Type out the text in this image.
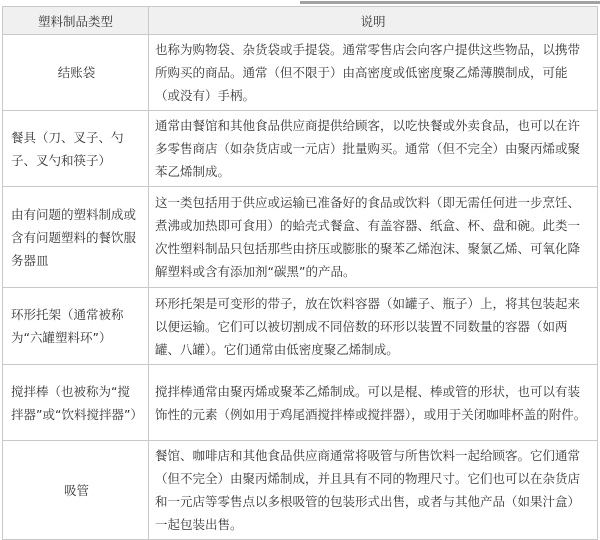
塑料制品类型	说明
结账袋	也称为购物袋、杂货袋或手提袋。通常零售店会向客户提供这些物品，以携带所购买的商品。通常（但不限于）由高密度或低密度聚乙烯薄膜制成，可能（或没有）手柄。
餐具（刀、叉子、勺子、叉勺和筷子）	通常由餐馆和其他食品供应商提供给顾客，以吃快餐或外卖食品，也可以在许多零售商店（如杂货店或一元店）批量购买。通常（但不完全）由聚丙烯或聚苯乙烯制成。
由有问题的塑料制成或含有问题塑料的餐饮服务器皿	这一类包括用于供应或运输已准备好的食品或饮料（即无需任何进一步烹饪、煮沸或加热即可食用）的蛤壳式餐盒、有盖容器、纸盒、杯、盘和碗。此类一次性塑料制品只包括那些由挤压或膨胀的聚苯乙烯泡沫、聚氯乙烯、可氧化降解塑料或含有添加剂“碳黑”的产品。
环形托架（通常被称为“六罐塑料环”）	环形托架是可变形的带子，放在饮料容器（如罐子、瓶子）上，将其包装起来以便运输。它们可以被切割成不同倍数的环形以装置不同数量的容器（如两罐、八罐）。它们通常由低密度聚乙烯制成。
搅拌棒（也被称为“搅拌器”或“饮料搅拌器”）	搅拌棒通常由聚丙烯或聚苯乙烯制成。可以是棍、棒或管的形状，也可以有装饰性的元素（例如用于鸡尾酒搅拌棒或搅拌器），或用于关闭咖啡杯盖的附件。
吸管	餐馆、咖啡店和其他食品供应商通常将吸管与所售饮料一起给顾客。它们通常（但不完全）由聚丙烯制成，并且具有不同的物理尺寸。它们也可以在杂货店和一元店等零售点以多根吸管的包装形式出售，或者与其他产品（如果汁盒）一起包装出售。
